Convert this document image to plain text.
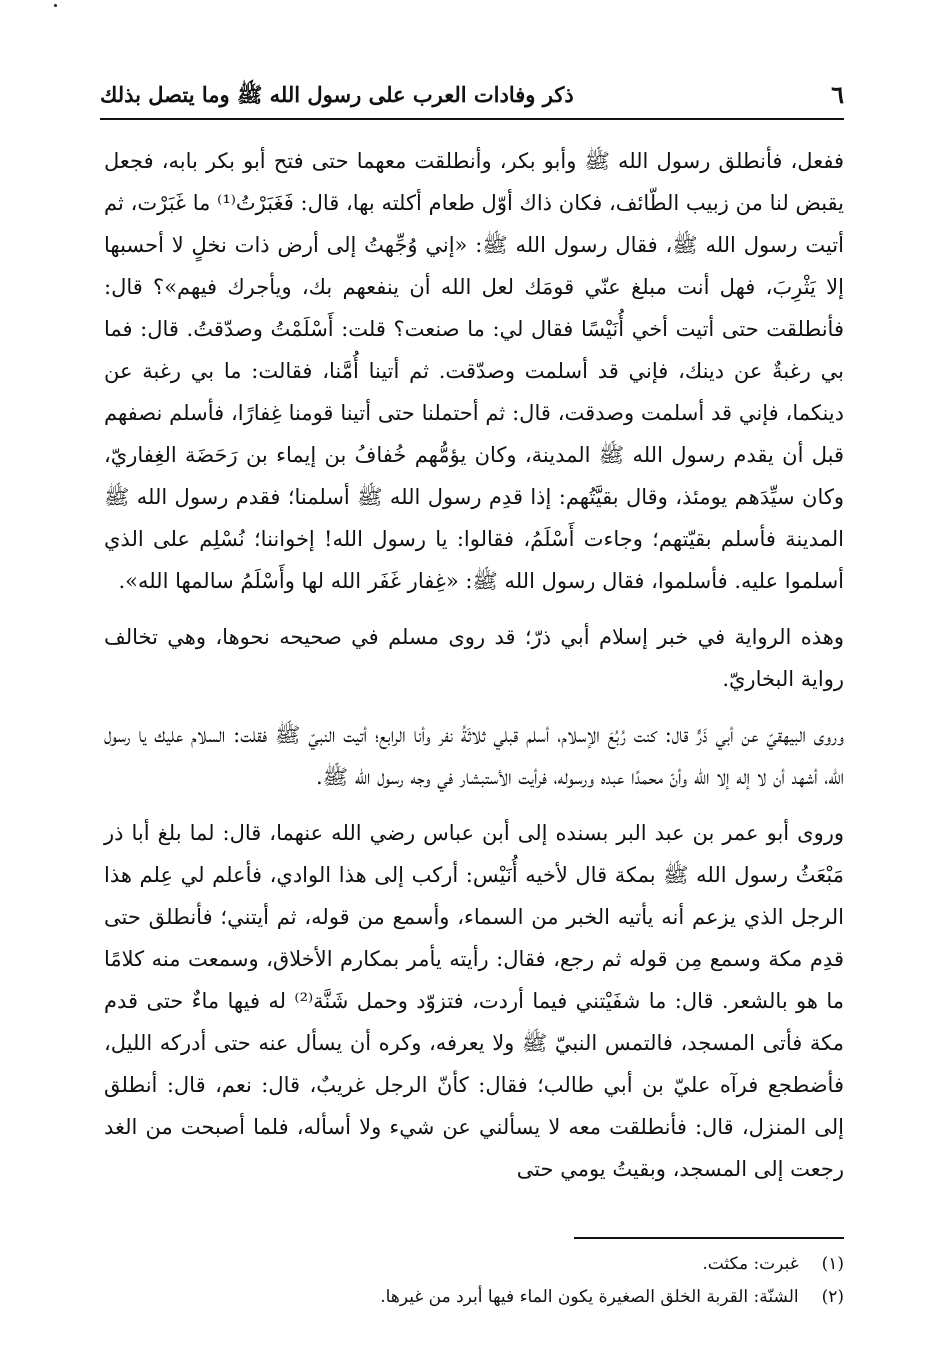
٦
ذكر وفادات العرب على رسول الله ﷺ وما يتصل بذلك

ففعل، فأنطلق رسول الله ﷺ وأبو بكر، وأنطلقت معهما حتى فتح أبو بكر بابه، فجعل يقبض لنا من زبيب الطّائف، فكان ذاك أوّل طعام أكلته بها، قال: فَغَبَرْتُ⁽¹⁾ ما غَبَرْت، ثم أتيت رسول الله ﷺ، فقال رسول الله ﷺ: «إني وُجِّهتُ إلى أرض ذات نخلٍ لا أحسبها إلا يَثْرِبَ، فهل أنت مبلغ عنّي قومَك لعل الله أن ينفعهم بك، ويأجرك فيهم»؟ قال: فأنطلقت حتى أتيت أخي أُنَيْسًا فقال لي: ما صنعت؟ قلت: أَسْلَمْتُ وصدّقتُ. قال: فما بي رغبةٌ عن دينك، فإني قد أسلمت وصدّقت. ثم أتينا أُمَّنا، فقالت: ما بي رغبة عن دينكما، فإني قد أسلمت وصدقت، قال: ثم أحتملنا حتى أتينا قومنا غِفارًا، فأسلم نصفهم قبل أن يقدم رسول الله ﷺ المدينة، وكان يؤمُّهم خُفافُ بن إيماء بن رَحَضَة الغِفاريّ، وكان سيِّدَهم يومئذ، وقال بقيَّتُهم: إذا قدِم رسول الله ﷺ أسلمنا؛ فقدم رسول الله ﷺ المدينة فأسلم بقيّتهم؛ وجاءت أَسْلَمُ، فقالوا: يا رسول الله! إخواننا؛ نُسْلِم على الذي أسلموا عليه. فأسلموا، فقال رسول الله ﷺ: «غِفار غَفَر الله لها وأَسْلَمُ سالمها الله».

وهذه الرواية في خبر إسلام أبي ذرّ؛ قد روى مسلم في صحيحه نحوها، وهي تخالف رواية البخاريّ.

وروى البيهقيّ عن أبي ذَرٍّ قال: كنت رُبُعَ الإسلام، أسلم قبلي ثلاثَةُ نفر وأنا الرابع؛ أتيت النبيّ ﷺ فقلت: السلام عليك يا رسول الله، أشهد أن لا إله إلا الله وأنّ محمدًا عبده ورسوله، فرأيت الأستبشار في وجه رسول الله ﷺ.

وروى أبو عمر بن عبد البر بسنده إلى أبن عباس رضي الله عنهما، قال: لما بلغ أبا ذر مَبْعَثُ رسول الله ﷺ بمكة قال لأخيه أُنَيْس: أركب إلى هذا الوادي، فأعلم لي عِلم هذا الرجل الذي يزعم أنه يأتيه الخبر من السماء، وأسمع من قوله، ثم أيتني؛ فأنطلق حتى قدِم مكة وسمع مِن قوله ثم رجع، فقال: رأيته يأمر بمكارم الأخلاق، وسمعت منه كلامًا ما هو بالشعر. قال: ما شفَيْتني فيما أردت، فتزوّد وحمل شَنَّة⁽²⁾ له فيها ماءٌ حتى قدم مكة فأتى المسجد، فالتمس النبيّ ﷺ ولا يعرفه، وكره أن يسأل عنه حتى أدركه الليل، فأضطجع فرآه عليّ بن أبي طالب؛ فقال: كأنّ الرجل غريبٌ، قال: نعم، قال: أنطلق إلى المنزل، قال: فأنطلقت معه لا يسألني عن شيء ولا أسأله، فلما أصبحت من الغد رجعت إلى المسجد، وبقيتُ يومي حتى

(١) غبرت: مكثت.
(٢) الشنّة: القربة الخلق الصغيرة يكون الماء فيها أبرد من غيرها.
